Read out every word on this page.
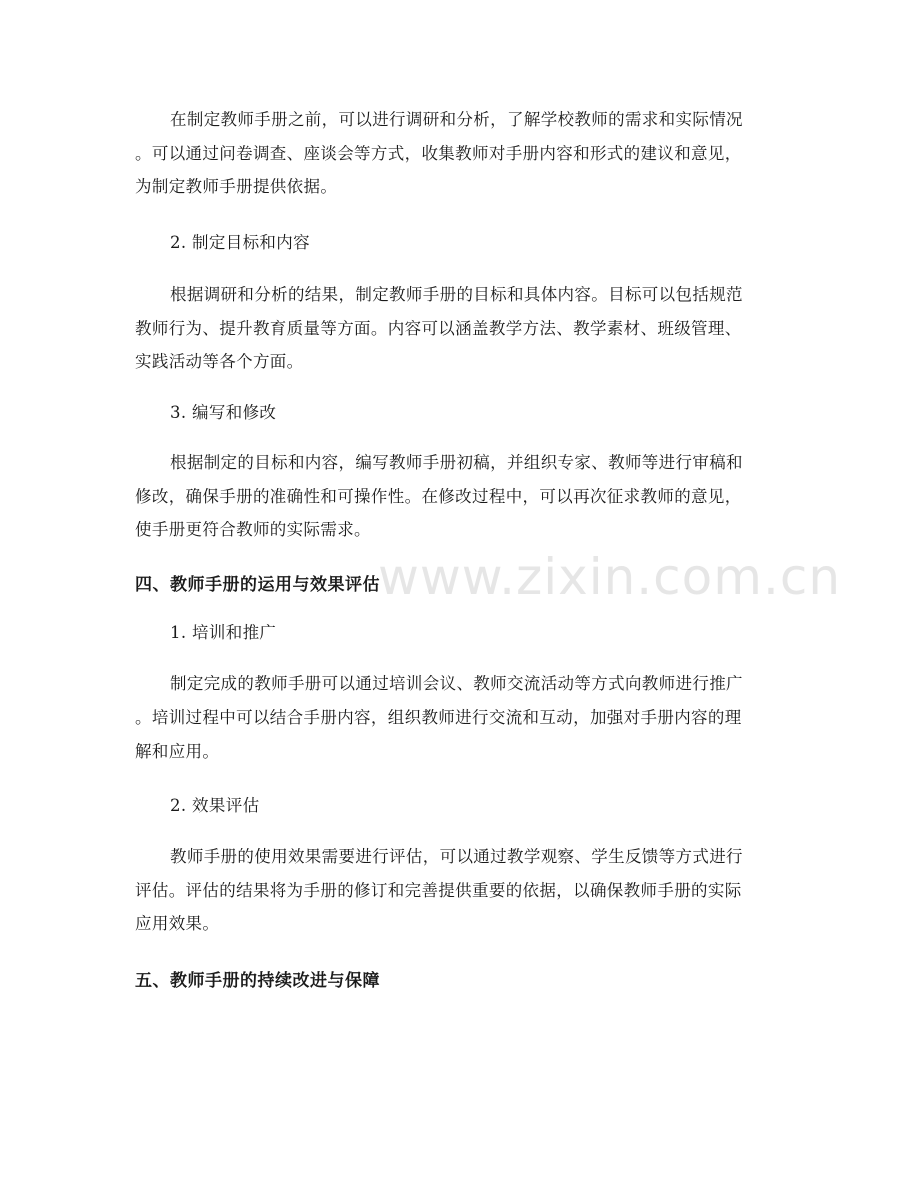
www.zixin.com.cn
在制定教师手册之前，可以进行调研和分析，了解学校教师的需求和实际情况
。可以通过问卷调查、座谈会等方式，收集教师对手册内容和形式的建议和意见，
为制定教师手册提供依据。
2. 制定目标和内容
根据调研和分析的结果，制定教师手册的目标和具体内容。目标可以包括规范
教师行为、提升教育质量等方面。内容可以涵盖教学方法、教学素材、班级管理、
实践活动等各个方面。
3. 编写和修改
根据制定的目标和内容，编写教师手册初稿，并组织专家、教师等进行审稿和
修改，确保手册的准确性和可操作性。在修改过程中，可以再次征求教师的意见，
使手册更符合教师的实际需求。
四、教师手册的运用与效果评估
1. 培训和推广
制定完成的教师手册可以通过培训会议、教师交流活动等方式向教师进行推广
。培训过程中可以结合手册内容，组织教师进行交流和互动，加强对手册内容的理
解和应用。
2. 效果评估
教师手册的使用效果需要进行评估，可以通过教学观察、学生反馈等方式进行
评估。评估的结果将为手册的修订和完善提供重要的依据，以确保教师手册的实际
应用效果。
五、教师手册的持续改进与保障
